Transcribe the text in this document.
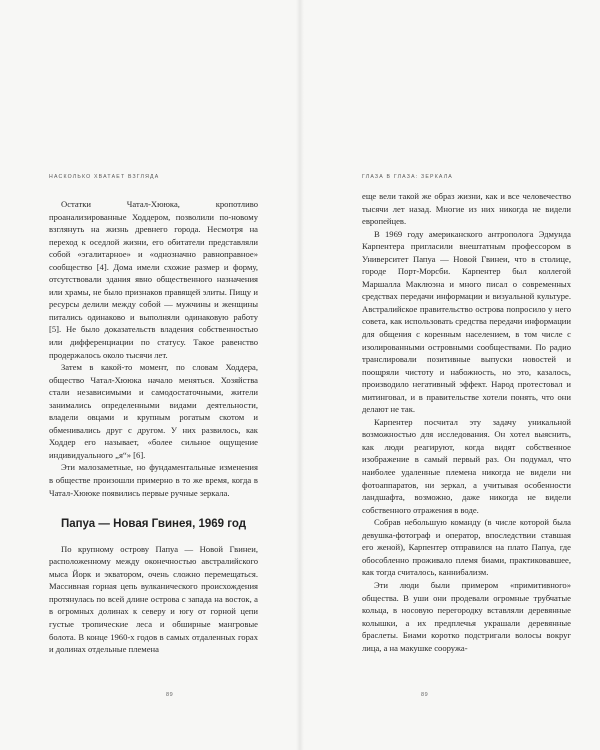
НАСКОЛЬКО ХВАТАЕТ ВЗГЛЯДА

Остатки Чатал-Хююка, кропотливо проанализированные Ходдером, позволили по-новому взглянуть на жизнь древнего города. Несмотря на переход к оседлой жизни, его обитатели представляли собой «эгалитарное» и «однозначно равноправное» сообщество [4]. Дома имели схожие размер и форму, отсутствовали здания явно общественного назначения или храмы, не было признаков правящей элиты. Пищу и ресурсы делили между собой — мужчины и женщины питались одинаково и выполняли одинаковую работу [5]. Не было доказательств владения собственностью или дифференциации по статусу. Такое равенство продержалось около тысячи лет.

Затем в какой-то момент, по словам Ходдера, общество Чатал-Хююка начало меняться. Хозяйства стали независимыми и самодостаточными, жители занимались определенными видами деятельности, владели овцами и крупным рогатым скотом и обменивались друг с другом. У них развилось, как Ходдер его называет, «более сильное ощущение индивидуального „я“» [6].

Эти малозаметные, но фундаментальные изменения в обществе произошли примерно в то же время, когда в Чатал-Хююке появились первые ручные зеркала.

Папуа — Новая Гвинея, 1969 год

По крупному острову Папуа — Новой Гвинеи, расположенному между оконечностью австралийского мыса Йорк и экватором, очень сложно перемещаться. Массивная горная цепь вулканического происхождения протянулась по всей длине острова с запада на восток, а в огромных долинах к северу и югу от горной цепи густые тропические леса и обширные мангровые болота. В конце 1960-х годов в самых отдаленных горах и долинах отдельные племена

89
ГЛАЗА В ГЛАЗА: ЗЕРКАЛА

еще вели такой же образ жизни, как и все человечество тысячи лет назад. Многие из них никогда не видели европейцев.

В 1969 году американского антрополога Эдмунда Карпентера пригласили внештатным профессором в Университет Папуа — Новой Гвинеи, что в столице, городе Порт-Морсби. Карпентер был коллегой Маршалла Маклюэна и много писал о современных средствах передачи информации и визуальной культуре. Австралийское правительство острова попросило у него совета, как использовать средства передачи информации для общения с коренным населением, в том числе с изолированными островными сообществами. По радио транслировали позитивные выпуски новостей и поощряли чистоту и набожность, но это, казалось, производило негативный эффект. Народ протестовал и митинговал, и в правительстве хотели понять, что они делают не так.

Карпентер посчитал эту задачу уникальной возможностью для исследования. Он хотел выяснить, как люди реагируют, когда видят собственное изображение в самый первый раз. Он подумал, что наиболее удаленные племена никогда не видели ни фотоаппаратов, ни зеркал, а учитывая особенности ландшафта, возможно, даже никогда не видели собственного отражения в воде.

Собрав небольшую команду (в числе которой была девушка-фотограф и оператор, впоследствии ставшая его женой), Карпентер отправился на плато Папуа, где обособленно проживало племя биами, практиковавшее, как тогда считалось, каннибализм.

Эти люди были примером «примитивного» общества. В уши они продевали огромные трубчатые кольца, в носовую перегородку вставляли деревянные колышки, а их предплечья украшали деревянные браслеты. Биами коротко подстригали волосы вокруг лица, а на макушке сооружа-

89
